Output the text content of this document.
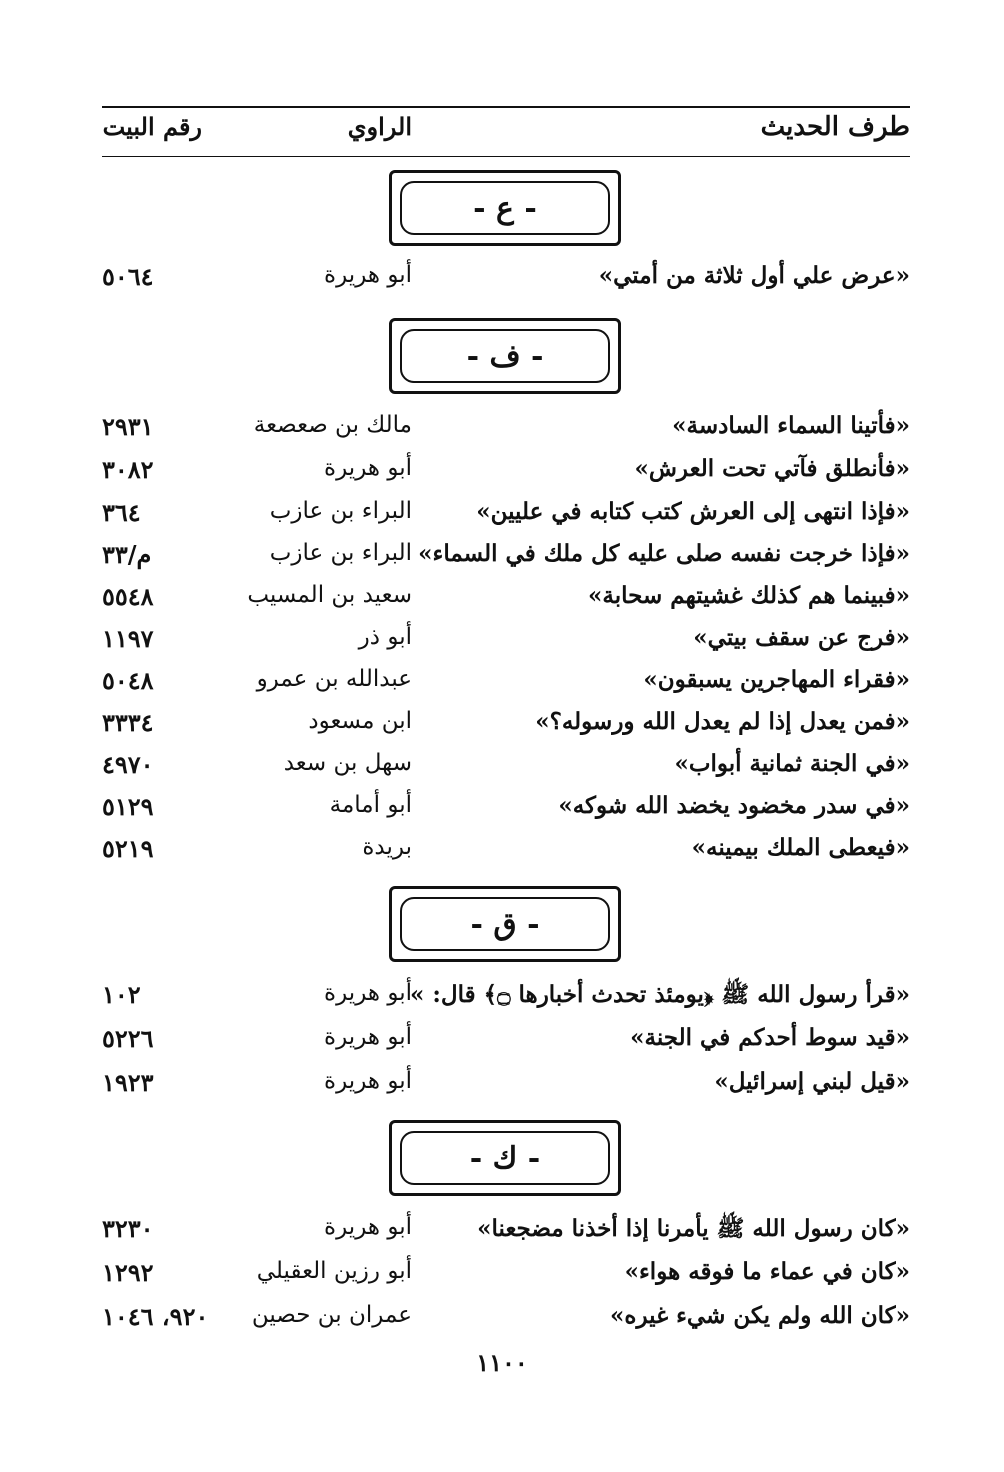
طرف الحديث
الراوي
رقم البيت
- ع -
«عرض علي أول ثلاثة من أمتي»
أبو هريرة
٥٠٦٤
- ف -
«فأتينا السماء السادسة»
مالك بن صعصعة
٢٩٣١
«فأنطلق فآتي تحت العرش»
أبو هريرة
٣٠٨٢
«فإذا انتهى إلى العرش كتب كتابه في عليين»
البراء بن عازب
٣٦٤
«فإذا خرجت نفسه صلى عليه كل ملك في السماء»
البراء بن عازب
م/٣٣
«فبينما هم كذلك غشيتهم سحابة»
سعيد بن المسيب
٥٥٤٨
«فرج عن سقف بيتي»
أبو ذر
١١٩٧
«فقراء المهاجرين يسبقون»
عبدالله بن عمرو
٥٠٤٨
«فمن يعدل إذا لم يعدل الله ورسوله؟»
ابن مسعود
٣٣٣٤
«في الجنة ثمانية أبواب»
سهل بن سعد
٤٩٧٠
«في سدر مخضود يخضد الله شوكه»
أبو أمامة
٥١٢٩
«فيعطى الملك بيمينه»
بريدة
٥٢١٩
- ق -
«قرأ رسول الله ﷺ ﴿يومئذ تحدث أخبارها ۝﴾ قال: »
أبو هريرة
١٠٢
«قيد سوط أحدكم في الجنة»
أبو هريرة
٥٢٢٦
«قيل لبني إسرائيل»
أبو هريرة
١٩٢٣
- ك -
«كان رسول الله ﷺ يأمرنا إذا أخذنا مضجعنا»
أبو هريرة
٣٢٣٠
«كان في عماء ما فوقه هواء»
أبو رزين العقيلي
١٢٩٢
«كان الله ولم يكن شيء غيره»
عمران بن حصين
٩٢٠، ١٠٤٦
١١٠٠
